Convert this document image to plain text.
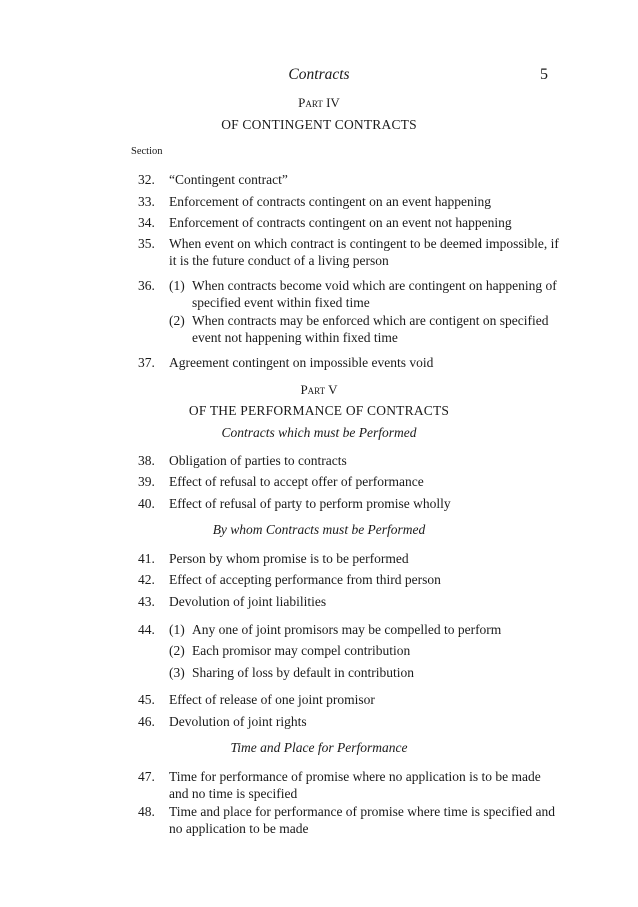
Contracts	5
Part IV
OF CONTINGENT CONTRACTS
Section
32. “Contingent contract”
33. Enforcement of contracts contingent on an event happening
34. Enforcement of contracts contingent on an event not happening
35. When event on which contract is contingent to be deemed impossible, if it is the future conduct of a living person
36. (1) When contracts become void which are contingent on happening of specified event within fixed time
(2) When contracts may be enforced which are contigent on specified event not happening within fixed time
37. Agreement contingent on impossible events void
Part V
OF THE PERFORMANCE OF CONTRACTS
Contracts which must be Performed
38. Obligation of parties to contracts
39. Effect of refusal to accept offer of performance
40. Effect of refusal of party to perform promise wholly
By whom Contracts must be Performed
41. Person by whom promise is to be performed
42. Effect of accepting performance from third person
43. Devolution of joint liabilities
44. (1) Any one of joint promisors may be compelled to perform
(2) Each promisor may compel contribution
(3) Sharing of loss by default in contribution
45. Effect of release of one joint promisor
46. Devolution of joint rights
Time and Place for Performance
47. Time for performance of promise where no application is to be made and no time is specified
48. Time and place for performance of promise where time is specified and no application to be made
